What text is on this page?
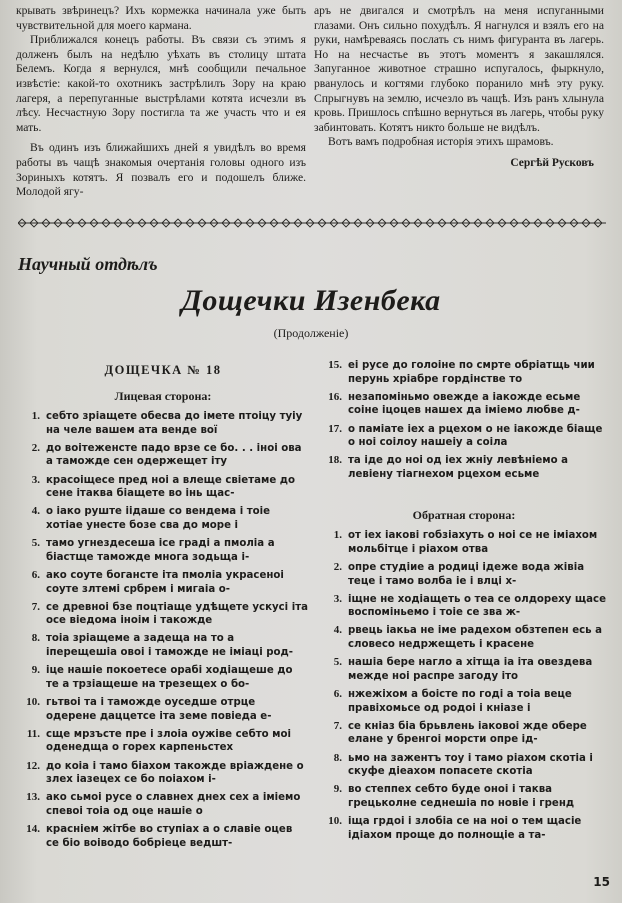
крывать звѣринецъ? Ихъ кормежка начинала уже быть чувствительной для моего кармана.

Приближался конецъ работы. Въ связи съ этимъ я долженъ былъ на недѣлю уѣхать въ столицу штата Белемъ. Когда я вернулся, мнѣ сообщили печальное извѣстіе: какой-то охотникъ застрѣлилъ Зору на краю лагеря, а перепуганные выстрѣлами котята исчезли въ лѣсу. Несчастную Зору постигла та же участь что и ея мать.

Въ одинъ изъ ближайшихъ дней я увидѣлъ во время работы въ чащѣ знакомыя очертанія головы одного изъ Зориныхъ котятъ. Я позвалъ его и подошелъ ближе. Молодой ягу-

аръ не двигался и смотрѣлъ на меня испуганными глазами. Онъ сильно похудѣлъ. Я нагнулся и взялъ его на руки, намѣреваясь послать съ нимъ фигуранта въ лагерь. Но на несчастье въ этотъ моментъ я закашлялся. Запуганное животное страшно испугалось, фыркнуло, рванулось и когтями глубоко поранило мнѣ эту руку. Спрыгнувъ на землю, исчезло въ чащѣ. Изъ ранъ хлынула кровь. Пришлось спѣшно вернуться въ лагерь, чтобы руку забинтовать. Котятъ никто больше не видѣлъ.

Вотъ вамъ подробная исторія этихъ шрамовъ.

Сергѣй Русковъ
Научный отдѣлъ
Дощечки Изенбека
(Продолженіе)
ДОЩЕЧКА № 18
Лицевая сторона:
1. себто зріащете обесва до імете птоіцу туіу на челе вашем ата венде вої
2. до воітеженсте падо врзе се бо. . . іноі ова а тамождe сен одержещет іту
3. красоіщесе пред ноі а влеще свіетаме до сене ітаква біащете во інь щас-
4. о іако руште іідаше со вендема і тоіе хотіае унесте бозе сва до море і
5. тамо угнездесеша ісе граді а пмоліа а біастще тамождe многа зодьща і-
6. ако соуте богансте іта пмоліа украсеноі соуте злтемі србрем і мигаіа о-
7. се древноі бзе поцтіаще удѣщете ускусі іта осе віедома іноім і такождe
8. тоіа зріащеме а задеща на то а іперещешіа овоі і тамождe не іміаці род-
9. іце нашіе покоетесе орабі ходіащеше до те а трзіащеше на трезещех о бо-
10. гьтвоі та і тамождe оуседше отрце одерене даццетсе іта земе повіеда е-
11. сще мрзъсте пре і злоіа оужіве себто моі оденедща о горех карпеньстех
12. до коіа і тамо біахом такождe вріажденe о злех іазецех се бо поіахом і-
13. ако сьмоі русе о славнех днех сех а іміемо спевоі тоіа од оце нашіе о
14. красніем жітбе во ступіах а о славіе оцев се біо воіводо бобріеце ведшт-
15. еі русе до голоіне по смрте обріатщь чии перунь хріабре гордінстве то
16. незапоміньмо овеждe а іакождe есьме соіне іцоцев нашех да іміемо любве д-
17. о паміате іех а рцехом о не іакождe біаще о ноі соілоу нашеіу а соіла
18. та іде до ноі од іех жніу левѣніемо а левіену тіагнехом рцехом есьме
Обратная сторона:
1. от іех іаковi гобзіахуть о ноі се не іміахом мольбітце і ріахом отва
2. опре студіие а родиці ідеже вода жівіа теце і тамо волба іе і влці х-
3. іщне не ходіащеть о теа се олдореху щасе воспоміньемо і тоіе се зва ж-
4. рвець іакьа не іме радехом обзтепен есь а словесо недржещеть і красене
5. нашіа бере нагло а хітща іа іта овездева межде ноі распре загоду іто
6. нжежіхом а боісте по годі а тоіа веце правіхомьсе од родоі і кніазе і
7. се кніаз біа брьвлень іаковоі ждe оберe елане у бренгоі морсти опре ід-
8. ьмо на зажентъ тоу і тамо ріахом скотіа і скуфе діеахом попасете скотіа
9. во степпех себто буде оноі і таква грецьколне седнешіа по новіе і гренд
10. іща грдоі і злобіа се на ноі о тем щасіе ідіахом проще до полнощіе а та-
15
